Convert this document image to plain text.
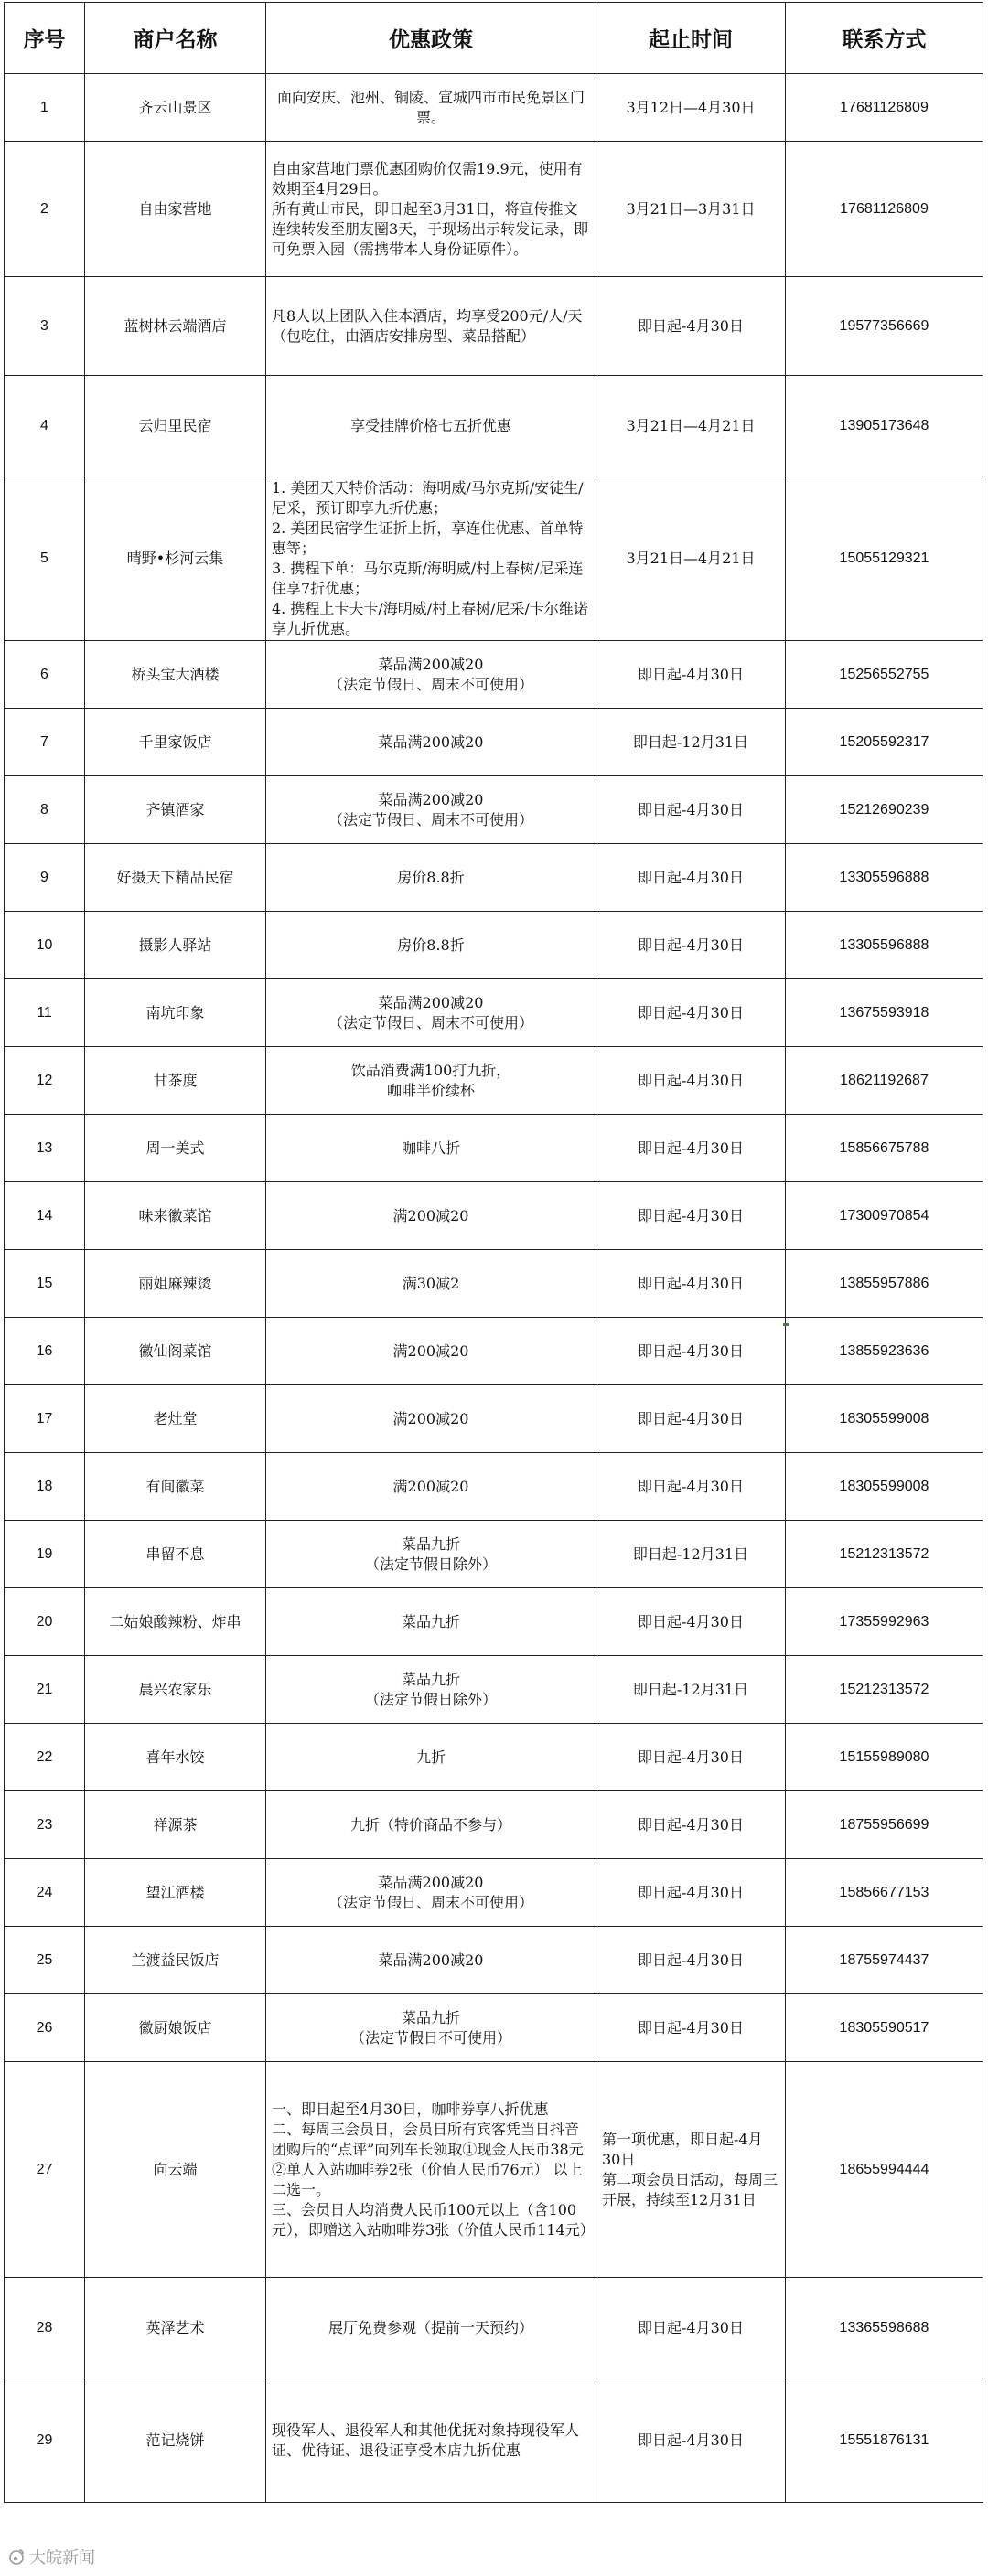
序号	商户名称	优惠政策	起止时间	联系方式
1	齐云山景区	面向安庆、池州、铜陵、宣城四市市民免景区门票。	3月12日—4月30日	17681126809
2	自由家营地	自由家营地门票优惠团购价仅需19.9元，使用有效期至4月29日。
所有黄山市民，即日起至3月31日，将宣传推文连续转发至朋友圈3天，于现场出示转发记录，即可免票入园（需携带本人身份证原件）。	3月21日—3月31日	17681126809
3	蓝树林云端酒店	凡8人以上团队入住本酒店，均享受200元/人/天（包吃住，由酒店安排房型、菜品搭配）	即日起-4月30日	19577356669
4	云归里民宿	享受挂牌价格七五折优惠	3月21日—4月21日	13905173648
5	晴野•杉河云集	1. 美团天天特价活动：海明威/马尔克斯/安徒生/尼采，预订即享九折优惠；
2. 美团民宿学生证折上折，享连住优惠、首单特惠等；
3. 携程下单：马尔克斯/海明威/村上春树/尼采连住享7折优惠；
4. 携程上卡夫卡/海明威/村上春树/尼采/卡尔维诺享九折优惠。	3月21日—4月21日	15055129321
6	桥头宝大酒楼	菜品满200减20
（法定节假日、周末不可使用）	即日起-4月30日	15256552755
7	千里家饭店	菜品满200减20	即日起-12月31日	15205592317
8	齐镇酒家	菜品满200减20
（法定节假日、周末不可使用）	即日起-4月30日	15212690239
9	好摄天下精品民宿	房价8.8折	即日起-4月30日	13305596888
10	摄影人驿站	房价8.8折	即日起-4月30日	13305596888
11	南坑印象	菜品满200减20
（法定节假日、周末不可使用）	即日起-4月30日	13675593918
12	甘茶度	饮品消费满100打九折，
咖啡半价续杯	即日起-4月30日	18621192687
13	周一美式	咖啡八折	即日起-4月30日	15856675788
14	味来徽菜馆	满200减20	即日起-4月30日	17300970854
15	丽姐麻辣烫	满30减2	即日起-4月30日	13855957886
16	徽仙阁菜馆	满200减20	即日起-4月30日	13855923636
17	老灶堂	满200减20	即日起-4月30日	18305599008
18	有间徽菜	满200减20	即日起-4月30日	18305599008
19	串留不息	菜品九折
（法定节假日除外）	即日起-12月31日	15212313572
20	二姑娘酸辣粉、炸串	菜品九折	即日起-4月30日	17355992963
21	晨兴农家乐	菜品九折
（法定节假日除外）	即日起-12月31日	15212313572
22	喜年水饺	九折	即日起-4月30日	15155989080
23	祥源茶	九折（特价商品不参与）	即日起-4月30日	18755956699
24	望江酒楼	菜品满200减20
（法定节假日、周末不可使用）	即日起-4月30日	15856677153
25	兰渡益民饭店	菜品满200减20	即日起-4月30日	18755974437
26	徽厨娘饭店	菜品九折
（法定节假日不可使用）	即日起-4月30日	18305590517
27	向云端	一、即日起至4月30日，咖啡券享八折优惠
二、每周三会员日，会员日所有宾客凭当日抖音团购后的“点评”向列车长领取①现金人民币38元②单人入站咖啡券2张（价值人民币76元） 以上二选一。
三、会员日人均消费人民币100元以上（含100元），即赠送入站咖啡券3张（价值人民币114元）	第一项优惠，即日起-4月30日
第二项会员日活动，每周三开展，持续至12月31日	18655994444
28	英泽艺术	展厅免费参观（提前一天预约）	即日起-4月30日	13365598688
29	范记烧饼	现役军人、退役军人和其他优抚对象持现役军人证、优待证、退役证享受本店九折优惠	即日起-4月30日	15551876131
大皖新闻
